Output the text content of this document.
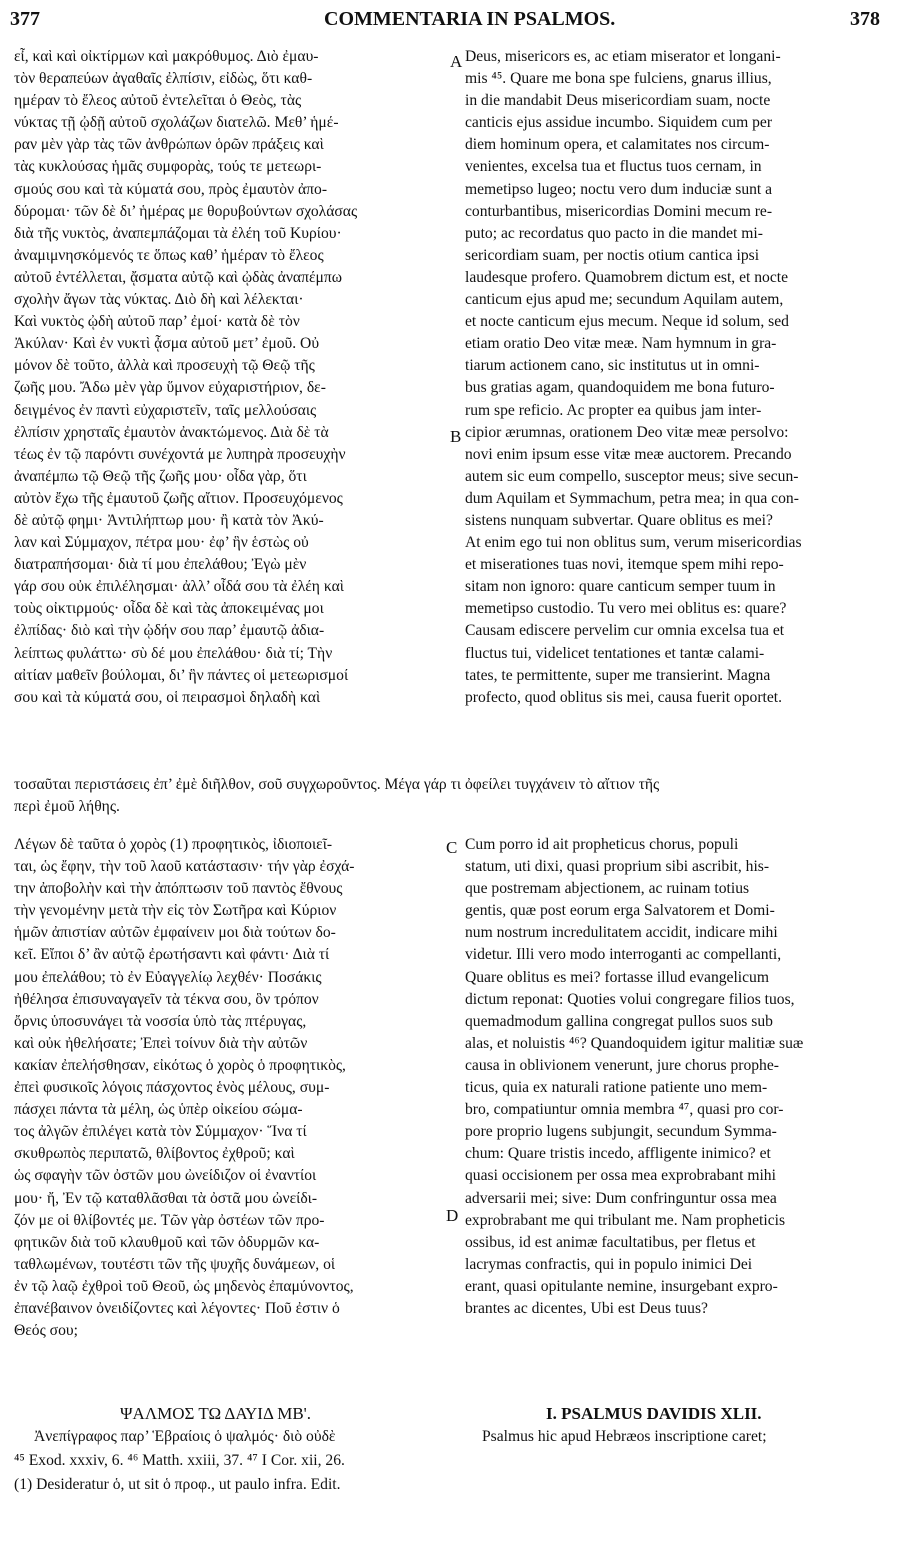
377	COMMENTARIA IN PSALMOS.	378
εἶ, καὶ καὶ οἰκτίρμων καὶ μακρόθυμος. Διὸ ἐμαυ-
τὸν θεραπεύων ἀγαθαῖς ἐλπίσιν, εἰδὼς, ὅτι καθ-
ημέραν τὸ ἔλεος αὐτοῦ ἐντελεῖται ὁ Θεὸς, τὰς
νύκτας τῇ ᾠδῇ αὐτοῦ σχολάζων διατελῶ. Μεθ’ ἡμέ-
ραν μὲν γὰρ τὰς τῶν ἀνθρώπων ὁρῶν πράξεις καὶ
τὰς κυκλούσας ἡμᾶς συμφορὰς, τούς τε μετεωρι-
σμούς σου καὶ τὰ κύματά σου, πρὸς ἐμαυτὸν ἀπο-
δύρομαι· τῶν δὲ δι’ ἡμέρας με θορυβούντων σχολάσας
διὰ τῆς νυκτὸς, ἀναπεμπάζομαι τὰ ἐλέη τοῦ Κυρίου·
ἀναμιμνησκόμενός τε ὅπως καθ’ ἡμέραν τὸ ἔλεος
αὐτοῦ ἐντέλλεται, ᾄσματα αὐτῷ καὶ ᾠδὰς ἀναπέμπω
σχολὴν ἄγων τὰς νύκτας. Διὸ δὴ καὶ λέλεκται·
Καὶ νυκτὸς ᾠδὴ αὐτοῦ παρ’ ἐμοί· κατὰ δὲ τὸν
Ἀκύλαν· Καὶ ἐν νυκτὶ ᾆσμα αὐτοῦ μετ’ ἐμοῦ. Οὐ
μόνον δὲ τοῦτο, ἀλλὰ καὶ προσευχὴ τῷ Θεῷ τῆς
ζωῆς μου. Ἄδω μὲν γὰρ ὕμνον εὐχαριστήριον, δε-
δειγμένος ἐν παντὶ εὐχαριστεῖν, ταῖς μελλούσαις
ἐλπίσιν χρησταῖς ἐμαυτὸν ἀνακτώμενος. Διὰ δὲ τὰ
τέως ἐν τῷ παρόντι συνέχοντά με λυπηρὰ προσευχὴν
ἀναπέμπω τῷ Θεῷ τῆς ζωῆς μου· οἶδα γὰρ, ὅτι
αὐτὸν ἔχω τῆς ἐμαυτοῦ ζωῆς αἴτιον. Προσευχόμενος
δὲ αὐτῷ φημι· Ἀντιλήπτωρ μου· ἢ κατὰ τὸν Ἀκύ-
λαν καὶ Σύμμαχον, πέτρα μου· ἐφ’ ἣν ἑστὼς οὐ
διατραπήσομαι· διὰ τί μου ἐπελάθου; Ἐγὼ μὲν
γάρ σου οὐκ ἐπιλέλησμαι· ἀλλ’ οἶδά σου τὰ ἐλέη καὶ
τοὺς οἰκτιρμούς· οἶδα δὲ καὶ τὰς ἀποκειμένας μοι
ἐλπίδας· διὸ καὶ τὴν ᾠδήν σου παρ’ ἐμαυτῷ ἀδια-
λείπτως φυλάττω· σὺ δέ μου ἐπελάθου· διὰ τί; Τὴν
αἰτίαν μαθεῖν βούλομαι, δι’ ἣν πάντες οἱ μετεωρισμοί
σου καὶ τὰ κύματά σου, οἱ πειρασμοὶ δηλαδὴ καὶ
Deus, misericors es, ac etiam miserator et longani-
mis ⁴⁵. Quare me bona spe fulciens, gnarus illius,
in die mandabit Deus misericordiam suam, nocte
canticis ejus assidue incumbo. Siquidem cum per
diem hominum opera, et calamitates nos circum-
venientes, excelsa tua et fluctus tuos cernam, in
memetipso lugeo; noctu vero dum induciæ sunt a
conturbantibus, misericordias Domini mecum re-
puto; ac recordatus quo pacto in die mandet mi-
sericordiam suam, per noctis otium cantica ipsi
laudesque profero. Quamobrem dictum est, et nocte
canticum ejus apud me; secundum Aquilam autem,
et nocte canticum ejus mecum. Neque id solum, sed
etiam oratio Deo vitæ meæ. Nam hymnum in gra-
tiarum actionem cano, sic institutus ut in omni-
bus gratias agam, quandoquidem me bona futuro-
rum spe reficio. Ac propter ea quibus jam inter-
cipior ærumnas, orationem Deo vitæ meæ persolvo:
novi enim ipsum esse vitæ meæ auctorem. Precando
autem sic eum compello, susceptor meus; sive secun-
dum Aquilam et Symmachum, petra mea; in qua con-
sistens nunquam subvertar. Quare oblitus es mei?
At enim ego tui non oblitus sum, verum misericordias
et miserationes tuas novi, itemque spem mihi repo-
sitam non ignoro: quare canticum semper tuum in
memetipso custodio. Tu vero mei oblitus es: quare?
Causam ediscere pervelim cur omnia excelsa tua et
fluctus tui, videlicet tentationes et tantæ calami-
tates, te permittente, super me transierint. Magna
profecto, quod oblitus sis mei, causa fuerit oportet.
τοσαῦται περιστάσεις ἐπ’ ἐμὲ διῆλθον, σοῦ συγχωροῦντος. Μέγα γάρ τι ὀφείλει τυγχάνειν τὸ αἴτιον τῆς
περὶ ἐμοῦ λήθης.
Λέγων δὲ ταῦτα ὁ χορὸς (1) προφητικὸς, ἰδιοποιεῖ-
ται, ὡς ἔφην, τὴν τοῦ λαοῦ κατάστασιν· τήν γὰρ ἐσχά-
την ἀποβολὴν καὶ τὴν ἀπόπτωσιν τοῦ παντὸς ἔθνους
τὴν γενομένην μετὰ τὴν εἰς τὸν Σωτῆρα καὶ Κύριον
ἡμῶν ἀπιστίαν αὐτῶν ἐμφαίνειν μοι διὰ τούτων δο-
κεῖ. Εἴποι δ’ ἂν αὐτῷ ἐρωτήσαντι καὶ φάντι· Διὰ τί
μου ἐπελάθου; τὸ ἐν Εὐαγγελίῳ λεχθέν· Ποσάκις
ἠθέλησα ἐπισυναγαγεῖν τὰ τέκνα σου, ὃν τρόπον
ὄρνις ὑποσυνάγει τὰ νοσσία ὑπὸ τὰς πτέρυγας,
καὶ οὐκ ἠθελήσατε; Ἐπεὶ τοίνυν διὰ τὴν αὐτῶν
κακίαν ἐπελήσθησαν, εἰκότως ὁ χορὸς ὁ προφητικὸς,
ἐπεὶ φυσικοῖς λόγοις πάσχοντος ἑνὸς μέλους, συμ-
πάσχει πάντα τὰ μέλη, ὡς ὑπὲρ οἰκείου σώμα-
τος ἀλγῶν ἐπιλέγει κατὰ τὸν Σύμμαχον· Ἵνα τί
σκυθρωπὸς περιπατῶ, θλίβοντος ἐχθροῦ; καὶ
ὡς σφαγὴν τῶν ὀστῶν μου ὠνείδιζον οἱ ἐναντίοι
μου· ἤ, Ἐν τῷ καταθλᾶσθαι τὰ ὀστᾶ μου ὠνείδι-
ζόν με οἱ θλίβοντές με. Τῶν γὰρ ὀστέων τῶν προ-
φητικῶν διὰ τοῦ κλαυθμοῦ καὶ τῶν ὀδυρμῶν κα-
ταθλωμένων, τουτέστι τῶν τῆς ψυχῆς δυνάμεων, οἱ
ἐν τῷ λαῷ ἐχθροὶ τοῦ Θεοῦ, ὡς μηδενὸς ἐπαμύνοντος,
ἐπανέβαινον ὀνειδίζοντες καὶ λέγοντες· Ποῦ ἐστιν ὁ
Θεός σου;
Cum porro id ait propheticus chorus, populi
statum, uti dixi, quasi proprium sibi ascribit, his-
que postremam abjectionem, ac ruinam totius
gentis, quæ post eorum erga Salvatorem et Domi-
num nostrum incredulitatem accidit, indicare mihi
videtur. Illi vero modo interroganti ac compellanti,
Quare oblitus es mei? fortasse illud evangelicum
dictum reponat: Quoties volui congregare filios tuos,
quemadmodum gallina congregat pullos suos sub
alas, et noluistis ⁴⁶? Quandoquidem igitur malitiæ suæ
causa in oblivionem venerunt, jure chorus prophe-
ticus, quia ex naturali ratione patiente uno mem-
bro, compatiuntur omnia membra ⁴⁷, quasi pro cor-
pore proprio lugens subjungit, secundum Symma-
chum: Quare tristis incedo, affligente inimico? et
quasi occisionem per ossa mea exprobrabant mihi
adversarii mei; sive: Dum confringuntur ossa mea
exprobrabant me qui tribulant me. Nam propheticis
ossibus, id est animæ facultatibus, per fletus et
lacrymas confractis, qui in populo inimici Dei
erant, quasi opitulante nemine, insurgebant expro-
brantes ac dicentes, Ubi est Deus tuus?
A
B
C
D
ΨΑΛΜΟΣ ΤΩ ΔΑΥΙΔ ΜΒ'.	I. PSALMUS DAVIDIS XLII.
Ἀνεπίγραφος παρ’ Ἑβραίοις ὁ ψαλμός· διὸ οὐδὲ	Psalmus hic apud Hebræos inscriptione caret;
⁴⁵ Exod. xxxiv, 6. ⁴⁶ Matth. xxiii, 37. ⁴⁷ I Cor. xii, 26.
(1) Desideratur ὁ, ut sit ὁ προφ., ut paulo infra. Edit.
